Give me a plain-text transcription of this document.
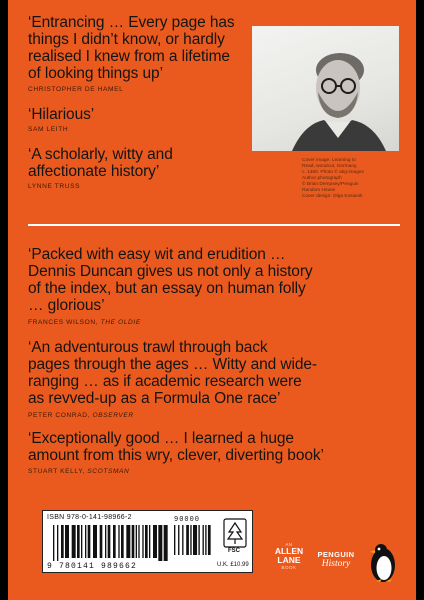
‘Entrancing … Every page has
things I didn’t know, or hardly
realised I knew from a lifetime
of looking things up’
CHRISTOPHER DE HAMEL
‘Hilarious’
SAM LEITH
‘A scholarly, witty and
affectionate history’
LYNNE TRUSS
Cover image: Learning to
Read, woodcut, Germany,
c. 1480. Photo © akg-images
Author photograph
© Brian Dempsey/Penguin
Random House
Cover design: Olga Kosianik
‘Packed with easy wit and erudition …
Dennis Duncan gives us not only a history
of the index, but an essay on human folly
… glorious’
FRANCES WILSON, THE OLDIE
‘An adventurous trawl through back
pages through the ages … Witty and wide-
ranging … as if academic research were
as revved-up as a Formula One race’
PETER CONRAD, OBSERVER
‘Exceptionally good … I learned a huge
amount from this wry, clever, diverting book’
STUART KELLY, SCOTSMAN
ISBN 978-0-141-98966-2	90000
9 780141 989662
FSC
U.K. £10.99
AN
ALLEN
LANE
BOOK
PENGUIN
History
